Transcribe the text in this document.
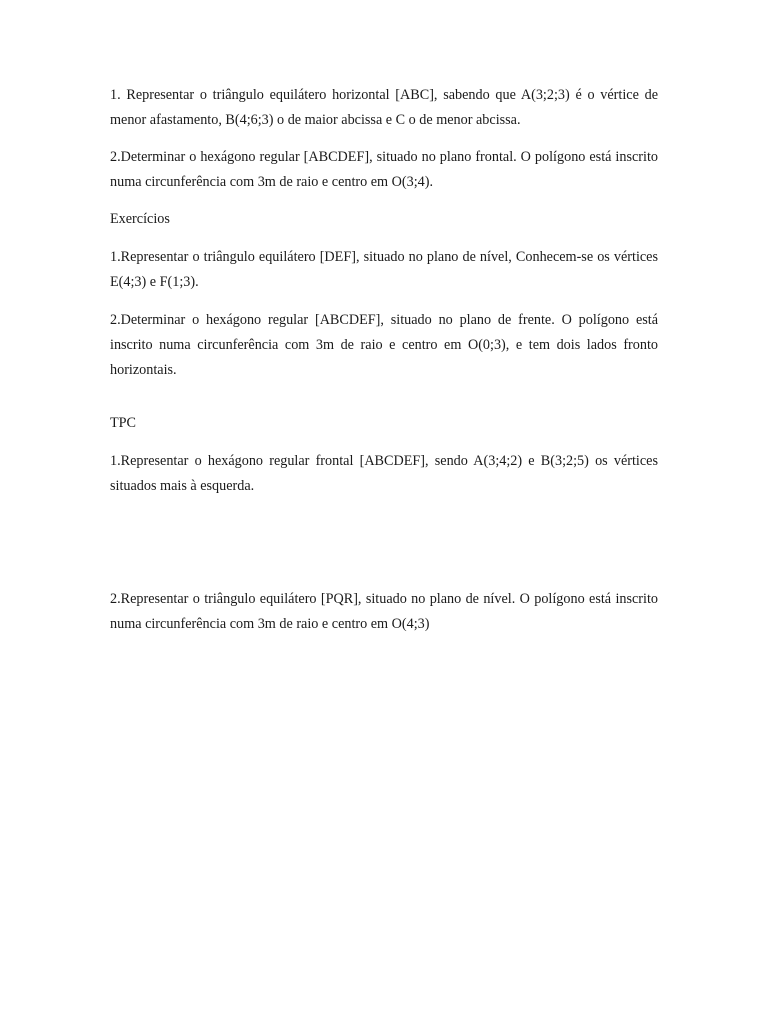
1. Representar o triângulo equilátero horizontal [ABC], sabendo que A(3;2;3) é o vértice de menor afastamento, B(4;6;3) o de maior abcissa e C o de menor abcissa.

2.Determinar o hexágono regular [ABCDEF], situado no plano frontal. O polígono está inscrito numa circunferência com 3m de raio e centro em O(3;4).

Exercícios

1.Representar o triângulo equilátero [DEF], situado no plano de nível, Conhecem-se os vértices E(4;3) e F(1;3).

2.Determinar o hexágono regular [ABCDEF], situado no plano de frente. O polígono está inscrito numa circunferência com 3m de raio e centro em O(0;3), e tem dois lados fronto horizontais.

TPC

1.Representar o hexágono regular frontal [ABCDEF], sendo A(3;4;2) e B(3;2;5) os vértices situados mais à esquerda.

2.Representar o triângulo equilátero [PQR], situado no plano de nível. O polígono está inscrito numa circunferência com 3m de raio e centro em O(4;3)
